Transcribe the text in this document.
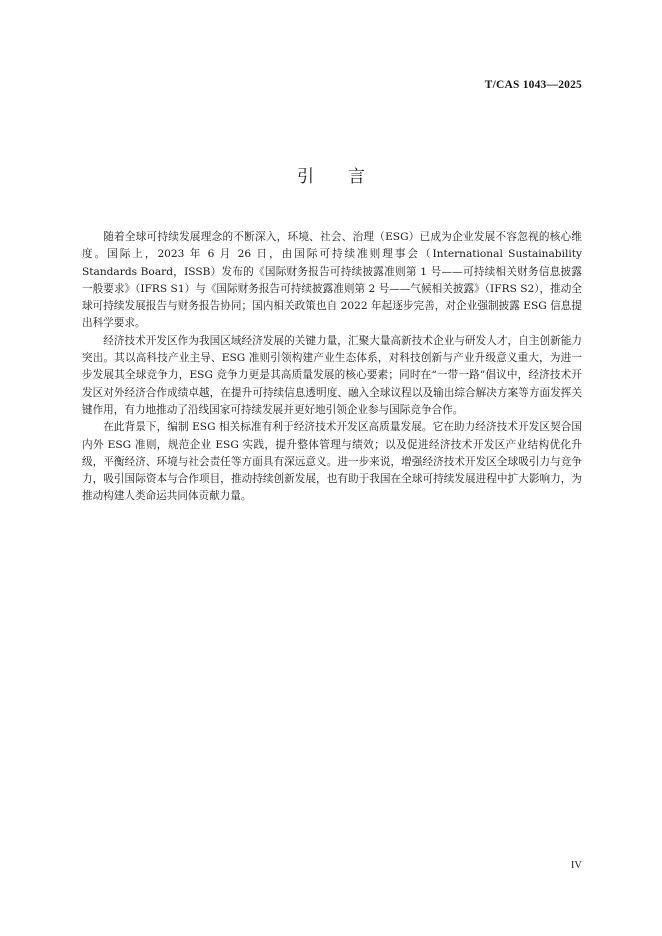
T/CAS 1043—2025
引言

随着全球可持续发展理念的不断深入，环境、社会、治理（ESG）已成为企业发展不容忽视的核心维度。国际上，2023 年 6 月 26 日，由国际可持续准则理事会（International Sustainability Standards Board，ISSB）发布的《国际财务报告可持续披露准则第 1 号——可持续相关财务信息披露一般要求》（IFRS S1）与《国际财务报告可持续披露准则第 2 号——气候相关披露》（IFRS S2），推动全球可持续发展报告与财务报告协同；国内相关政策也自 2022 年起逐步完善，对企业强制披露 ESG 信息提出科学要求。

经济技术开发区作为我国区域经济发展的关键力量，汇聚大量高新技术企业与研发人才，自主创新能力突出。其以高科技产业主导、ESG 准则引领构建产业生态体系，对科技创新与产业升级意义重大，为进一步发展其全球竞争力，ESG 竞争力更是其高质量发展的核心要素；同时在“一带一路”倡议中，经济技术开发区对外经济合作成绩卓越，在提升可持续信息透明度、融入全球议程以及输出综合解决方案等方面发挥关键作用，有力地推动了沿线国家可持续发展并更好地引领企业参与国际竞争合作。

在此背景下，编制 ESG 相关标准有利于经济技术开发区高质量发展。它在助力经济技术开发区契合国内外 ESG 准则，规范企业 ESG 实践，提升整体管理与绩效；以及促进经济技术开发区产业结构优化升级，平衡经济、环境与社会责任等方面具有深远意义。进一步来说，增强经济技术开发区全球吸引力与竞争力，吸引国际资本与合作项目，推动持续创新发展，也有助于我国在全球可持续发展进程中扩大影响力，为推动构建人类命运共同体贡献力量。

IV
